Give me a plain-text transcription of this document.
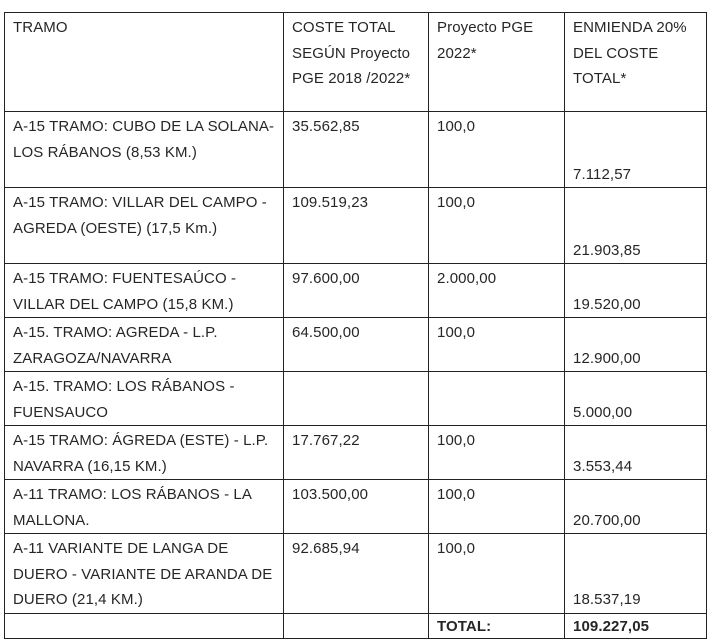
TRAMO	COSTE TOTAL SEGÚN Proyecto PGE 2018 /2022*	Proyecto PGE 2022*	ENMIENDA 20% DEL COSTE TOTAL*
A-15 TRAMO: CUBO DE LA SOLANA-LOS RÁBANOS (8,53 KM.)	35.562,85	100,0	7.112,57
A-15 TRAMO: VILLAR DEL CAMPO - AGREDA (OESTE) (17,5 Km.)	109.519,23	100,0	21.903,85
A-15 TRAMO: FUENTESAÚCO - VILLAR DEL CAMPO (15,8 KM.)	97.600,00	2.000,00	19.520,00
A-15. TRAMO: AGREDA - L.P. ZARAGOZA/NAVARRA	64.500,00	100,0	12.900,00
A-15. TRAMO: LOS RÁBANOS - FUENSAUCO			5.000,00
A-15 TRAMO: ÁGREDA (ESTE) - L.P. NAVARRA (16,15 KM.)	17.767,22	100,0	3.553,44
A-11 TRAMO: LOS RÁBANOS - LA MALLONA.	103.500,00	100,0	20.700,00
A-11 VARIANTE DE LANGA DE DUERO - VARIANTE DE ARANDA DE DUERO (21,4 KM.)	92.685,94	100,0	18.537,19
		TOTAL:	109.227,05
